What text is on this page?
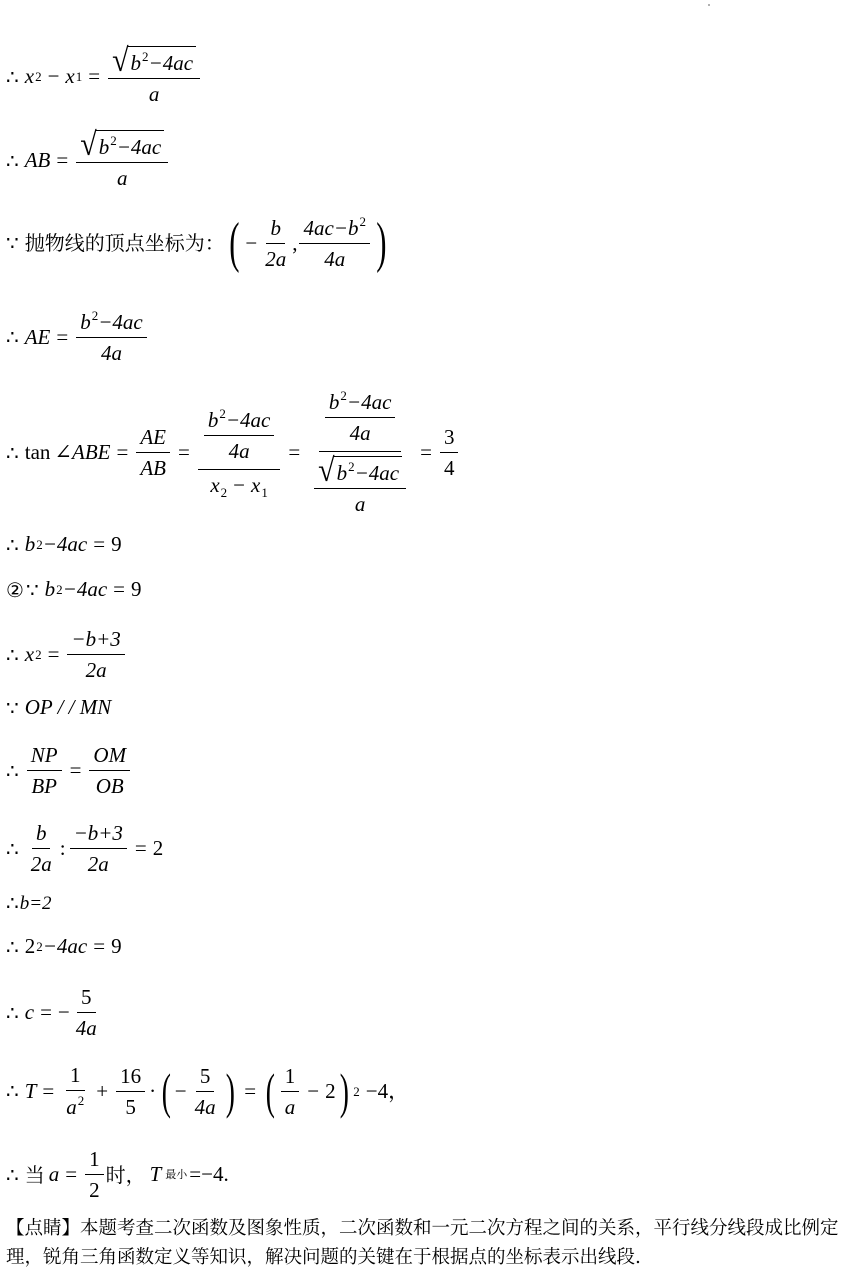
∴ x 2 − x $1 = \frac{√ b^2-4ac}{a}$
∴ AB = $\frac{√ b^2-4ac}{a}$
∵ 抛物线的顶点坐标为： ( − $\frac{b}{2a}$ , $\frac{4ac-b^2}{4a}$ )
∴ AE = $\frac{b^2-4ac}{4a}$
∴ tan ∠ABE = $\frac{AE}{AB} = \frac{\frac{b^2-4ac}{4a}}{x_2 - x_1} = \frac{\frac{b^2-4ac}{4a}}{\frac{√ b^2-4ac}{a}} = \frac{3}{4}$
∴ b 2 −4ac = 9
② ∵ b 2 −4ac = 9
∴ x $2 = \frac{-b+3}{2a}$
∵ OP / / MN
∴ $\frac{NP}{BP} = \frac{OM}{OB}$
∴ $\frac{b}{2a}$ : $\frac{-b+3}{2a} = 2$
∴ b=2
∴ 2 2 −4ac = 9
∴ c = − $\frac{5}{4a}$
∴ $T = \frac{1}{a^2} + \frac{16}{5}$ · ( − $\frac{5}{4a}$ ) = ( $\frac{1}{a} - 2$ ) 2 −4，
∴ 当 $a = \frac{1}{2}$ 时， T 最小 =−4.
【点睛】本题考查二次函数及图象性质，二次函数和一元二次方程之间的关系，平行线分线段成比例定理，锐角三角函数定义等知识，解决问题的关键在于根据点的坐标表示出线段.
